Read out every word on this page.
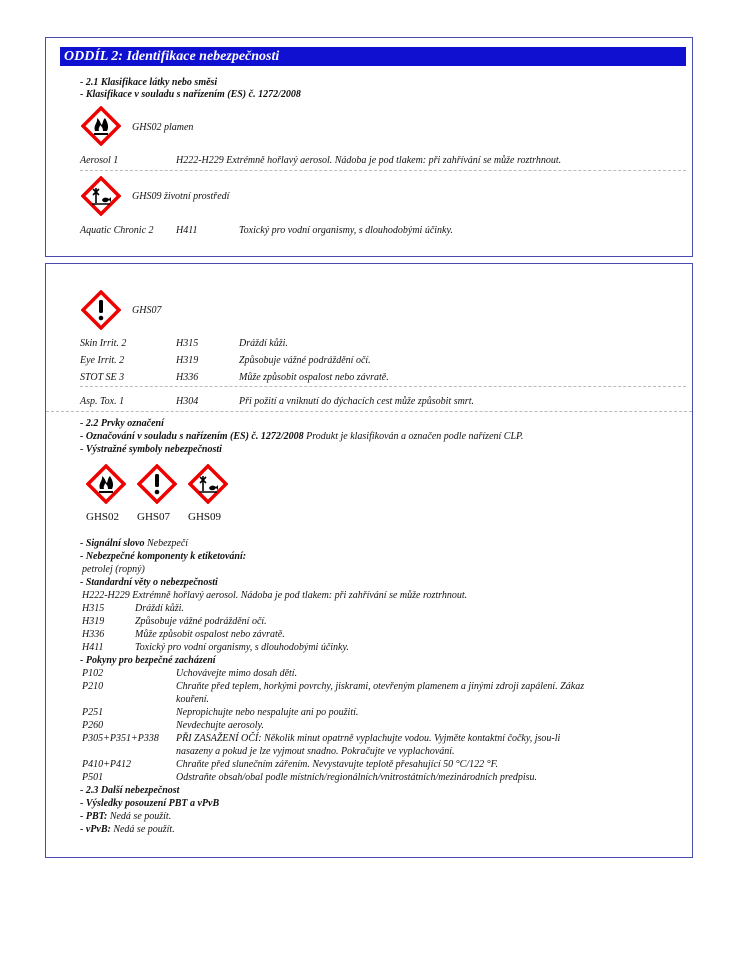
ODDÍL 2: Identifikace nebezpečnosti
- 2.1 Klasifikace látky nebo směsi
- Klasifikace v souladu s nařízením (ES) č. 1272/2008
GHS02 plamen
Aerosol 1	H222-H229 Extrémně hořlavý aerosol. Nádoba je pod tlakem: při zahřívání se může roztrhnout.
GHS09 životní prostředí
Aquatic Chronic 2 H411	Toxický pro vodní organismy, s dlouhodobými účinky.
GHS07
Skin Irrit. 2	H315	Dráždí kůži.
Eye Irrit. 2	H319	Způsobuje vážné podráždění očí.
STOT SE 3	H336	Může způsobit ospalost nebo závratě.
Asp. Tox. 1	H304	Při požití a vniknutí do dýchacích cest může způsobit smrt.
- 2.2 Prvky označení
- Označování v souladu s nařízením (ES) č. 1272/2008 Produkt je klasifikován a označen podle nařízení CLP.
- Výstražné symboly nebezpečnosti
GHS02 GHS07 GHS09
- Signální slovo Nebezpečí
- Nebezpečné komponenty k etiketování:
petrolej (ropný)
- Standardní věty o nebezpečnosti
H222-H229 Extrémně hořlavý aerosol. Nádoba je pod tlakem: při zahřívání se může roztrhnout.
H315	Dráždí kůži.
H319	Způsobuje vážné podráždění očí.
H336	Může způsobit ospalost nebo závratě.
H411	Toxický pro vodní organismy, s dlouhodobými účinky.
- Pokyny pro bezpečné zacházení
P102	Uchovávejte mimo dosah dětí.
P210	Chraňte před teplem, horkými povrchy, jiskrami, otevřeným plamenem a jinými zdroji zapálení. Zákaz
kouření.
P251	Nepropichujte nebo nespalujte ani po použití.
P260	Nevdechujte aerosoly.
P305+P351+P338 PŘI ZASAŽENÍ OČÍ: Několik minut opatrně vyplachujte vodou. Vyjměte kontaktní čočky, jsou-li
nasazeny a pokud je lze vyjmout snadno. Pokračujte ve vyplachování.
P410+P412	Chraňte před slunečním zářením. Nevystavujte teplotě přesahující 50 °C/122 °F.
P501	Odstraňte obsah/obal podle místních/regionálních/vnitrostátních/mezinárodních predpisu.
- 2.3 Další nebezpečnost
- Výsledky posouzení PBT a vPvB
- PBT: Nedá se použít.
- vPvB: Nedá se použít.
